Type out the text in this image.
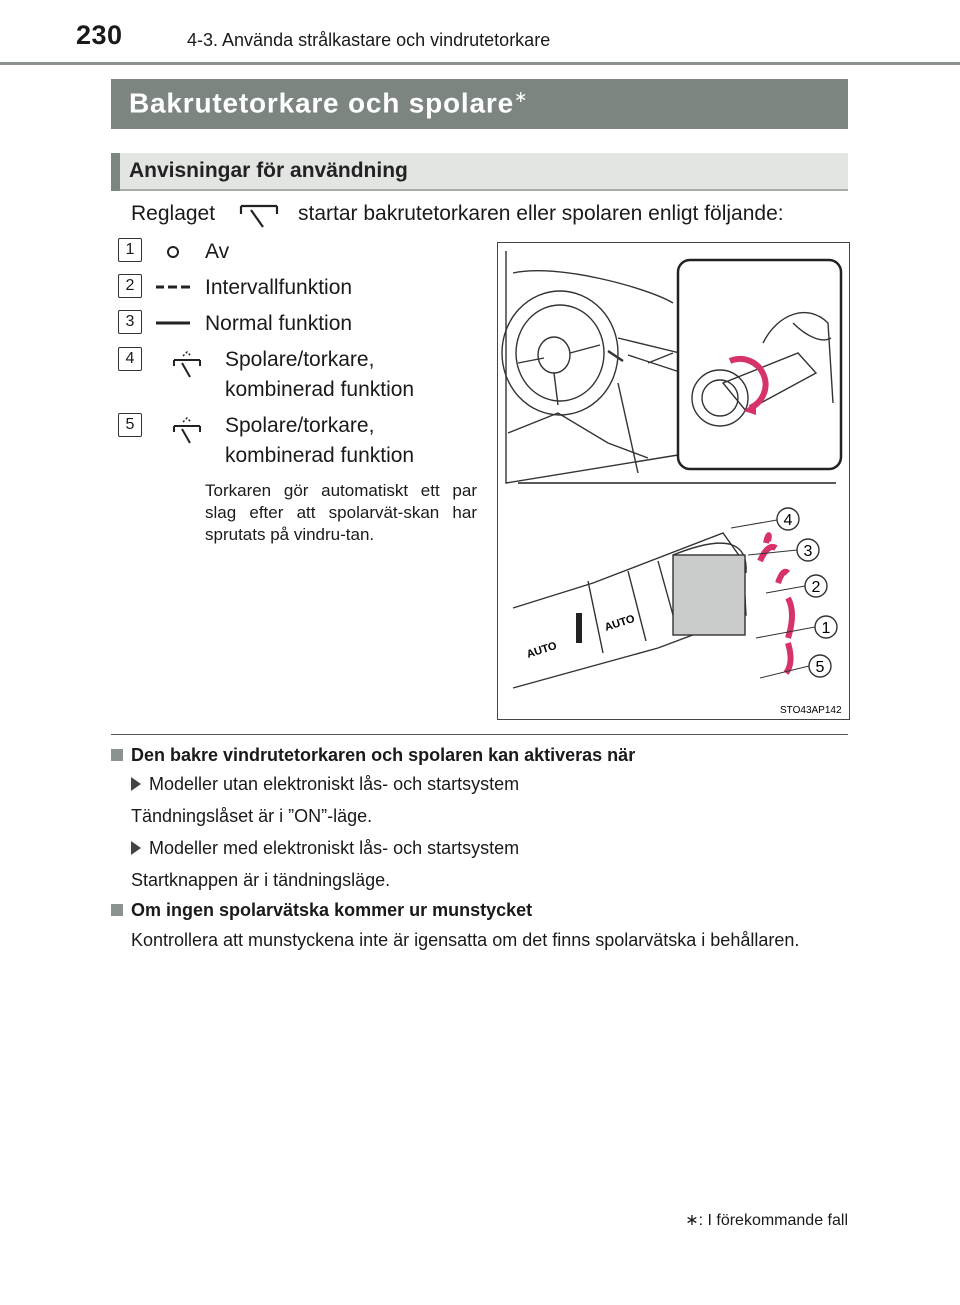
230	4-3. Använda strålkastare och vindrutetorkare
Bakrutetorkare och spolare∗
Anvisningar för användning
Reglaget	startar bakrutetorkaren eller spolaren enligt följande:
1	Av
2	Intervallfunktion
3	Normal funktion
4	Spolare/torkare,
kombinerad funktion
5	Spolare/torkare,
kombinerad funktion
Torkaren gör automatiskt ett par slag efter att spolarvät-skan har sprutats på vindru-tan.
AUTO
AUTO
4
3
2
1
5
STO43AP142
Den bakre vindrutetorkaren och spolaren kan aktiveras när
Modeller utan elektroniskt lås- och startsystem
Tändningslåset är i ”ON”-läge.
Modeller med elektroniskt lås- och startsystem
Startknappen är i tändningsläge.
Om ingen spolarvätska kommer ur munstycket
Kontrollera att munstyckena inte är igensatta om det finns spolarvätska i behållaren.
∗: I förekommande fall
